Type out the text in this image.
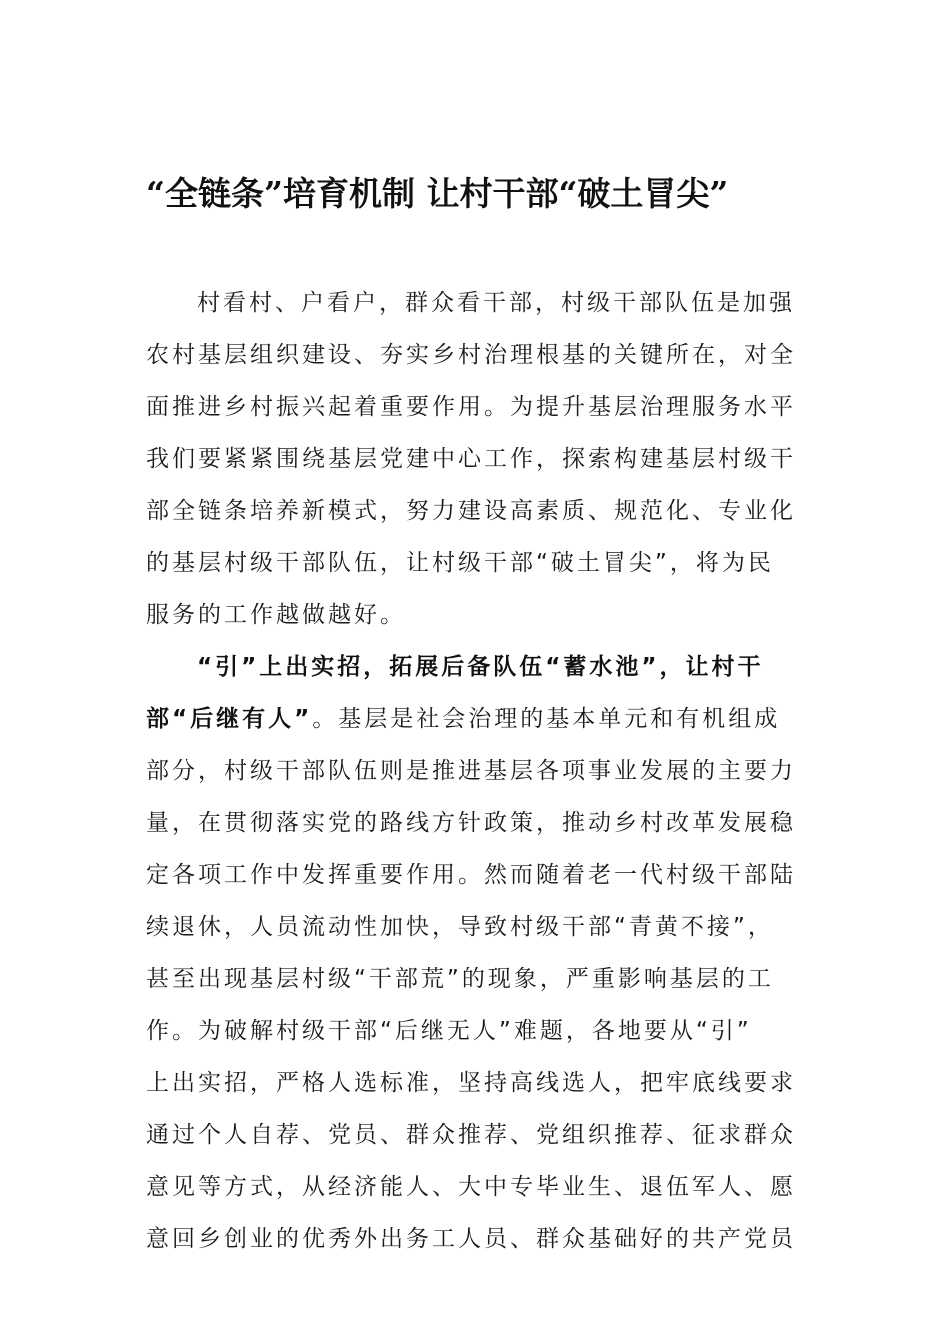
“全链条”培育机制 让村干部“破土冒尖”
村看村、户看户，群众看干部，村级干部队伍是加强
农村基层组织建设、夯实乡村治理根基的关键所在，对全
面推进乡村振兴起着重要作用。为提升基层治理服务水平
我们要紧紧围绕基层党建中心工作，探索构建基层村级干
部全链条培养新模式，努力建设高素质、规范化、专业化
的基层村级干部队伍，让村级干部“破土冒尖”，将为民
服务的工作越做越好。
“引”上出实招，拓展后备队伍“蓄水池”，让村干
部“后继有人”。基层是社会治理的基本单元和有机组成
部分，村级干部队伍则是推进基层各项事业发展的主要力
量，在贯彻落实党的路线方针政策，推动乡村改革发展稳
定各项工作中发挥重要作用。然而随着老一代村级干部陆
续退休，人员流动性加快，导致村级干部“青黄不接”，
甚至出现基层村级“干部荒”的现象，严重影响基层的工
作。为破解村级干部“后继无人”难题，各地要从“引”
上出实招，严格人选标准，坚持高线选人，把牢底线要求
通过个人自荐、党员、群众推荐、党组织推荐、征求群众
意见等方式，从经济能人、大中专毕业生、退伍军人、愿
意回乡创业的优秀外出务工人员、群众基础好的共产党员
